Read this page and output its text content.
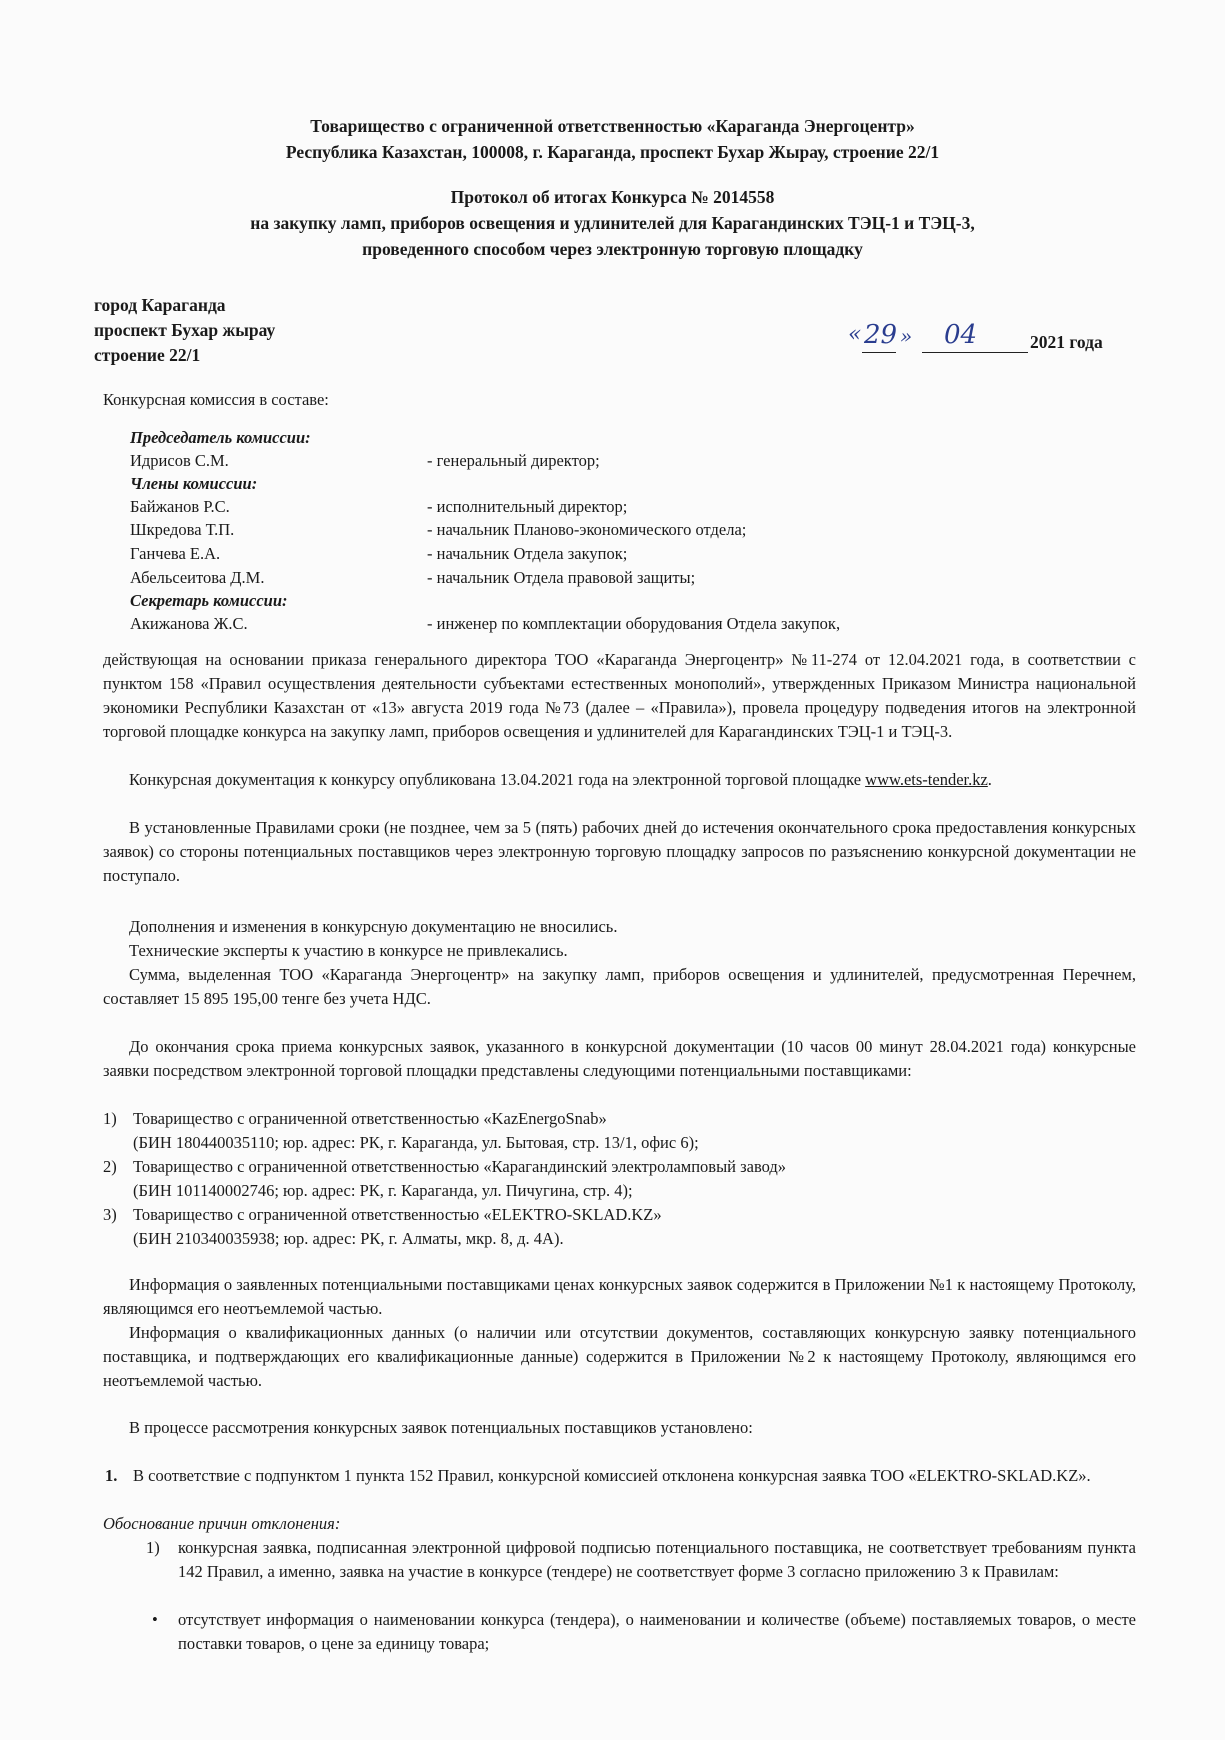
Товарищество с ограниченной ответственностью «Караганда Энергоцентр»
Республика Казахстан, 100008, г. Караганда, проспект Бухар Жырау, строение 22/1
Протокол об итогах Конкурса № 2014558
на закупку ламп, приборов освещения и удлинителей для Карагандинских ТЭЦ-1 и ТЭЦ-3,
проведенного способом через электронную торговую площадку
город Караганда
проспект Бухар жырау
строение 22/1
« 29 » 04	2021 года
Конкурсная комиссия в составе:
Председатель комиссии:
Идрисов С.М.	- генеральный директор;
Члены комиссии:
Байжанов Р.С.	- исполнительный директор;
Шкредова Т.П.	- начальник Планово-экономического отдела;
Ганчева Е.А.	- начальник Отдела закупок;
Абельсеитова Д.М.	- начальник Отдела правовой защиты;
Секретарь комиссии:
Акижанова Ж.С.	- инженер по комплектации оборудования Отдела закупок,
действующая на основании приказа генерального директора ТОО «Караганда Энергоцентр» №11-274 от 12.04.2021 года, в соответствии с пунктом 158 «Правил осуществления деятельности субъектами естественных монополий», утвержденных Приказом Министра национальной экономики Республики Казахстан от «13» августа 2019 года №73 (далее – «Правила»), провела процедуру подведения итогов на электронной торговой площадке конкурса на закупку ламп, приборов освещения и удлинителей для Карагандинских ТЭЦ-1 и ТЭЦ-3.
Конкурсная документация к конкурсу опубликована 13.04.2021 года на электронной торговой площадке www.ets-tender.kz.
В установленные Правилами сроки (не позднее, чем за 5 (пять) рабочих дней до истечения окончательного срока предоставления конкурсных заявок) со стороны потенциальных поставщиков через электронную торговую площадку запросов по разъяснению конкурсной документации не поступало.
Дополнения и изменения в конкурсную документацию не вносились.
Технические эксперты к участию в конкурсе не привлекались.
Сумма, выделенная ТОО «Караганда Энергоцентр» на закупку ламп, приборов освещения и удлинителей, предусмотренная Перечнем, составляет 15 895 195,00 тенге без учета НДС.
До окончания срока приема конкурсных заявок, указанного в конкурсной документации (10 часов 00 минут 28.04.2021 года) конкурсные заявки посредством электронной торговой площадки представлены следующими потенциальными поставщиками:
1) Товарищество с ограниченной ответственностью «KazEnergoSnab»
(БИН 180440035110; юр. адрес: РК, г. Караганда, ул. Бытовая, стр. 13/1, офис 6);
2) Товарищество с ограниченной ответственностью «Карагандинский электроламповый завод»
(БИН 101140002746; юр. адрес: РК, г. Караганда, ул. Пичугина, стр. 4);
3) Товарищество с ограниченной ответственностью «ELEKTRO-SKLAD.KZ»
(БИН 210340035938; юр. адрес: РК, г. Алматы, мкр. 8, д. 4А).
Информация о заявленных потенциальными поставщиками ценах конкурсных заявок содержится в Приложении №1 к настоящему Протоколу, являющимся его неотъемлемой частью.
Информация о квалификационных данных (о наличии или отсутствии документов, составляющих конкурсную заявку потенциального поставщика, и подтверждающих его квалификационные данные) содержится в Приложении №2 к настоящему Протоколу, являющимся его неотъемлемой частью.
В процессе рассмотрения конкурсных заявок потенциальных поставщиков установлено:
1. В соответствие с подпунктом 1 пункта 152 Правил, конкурсной комиссией отклонена конкурсная заявка ТОО «ELEKTRO-SKLAD.KZ».
Обоснование причин отклонения:
1) конкурсная заявка, подписанная электронной цифровой подписью потенциального поставщика, не соответствует требованиям пункта 142 Правил, а именно, заявка на участие в конкурсе (тендере) не соответствует форме 3 согласно приложению 3 к Правилам:
• отсутствует информация о наименовании конкурса (тендера), о наименовании и количестве (объеме) поставляемых товаров, о месте поставки товаров, о цене за единицу товара;
